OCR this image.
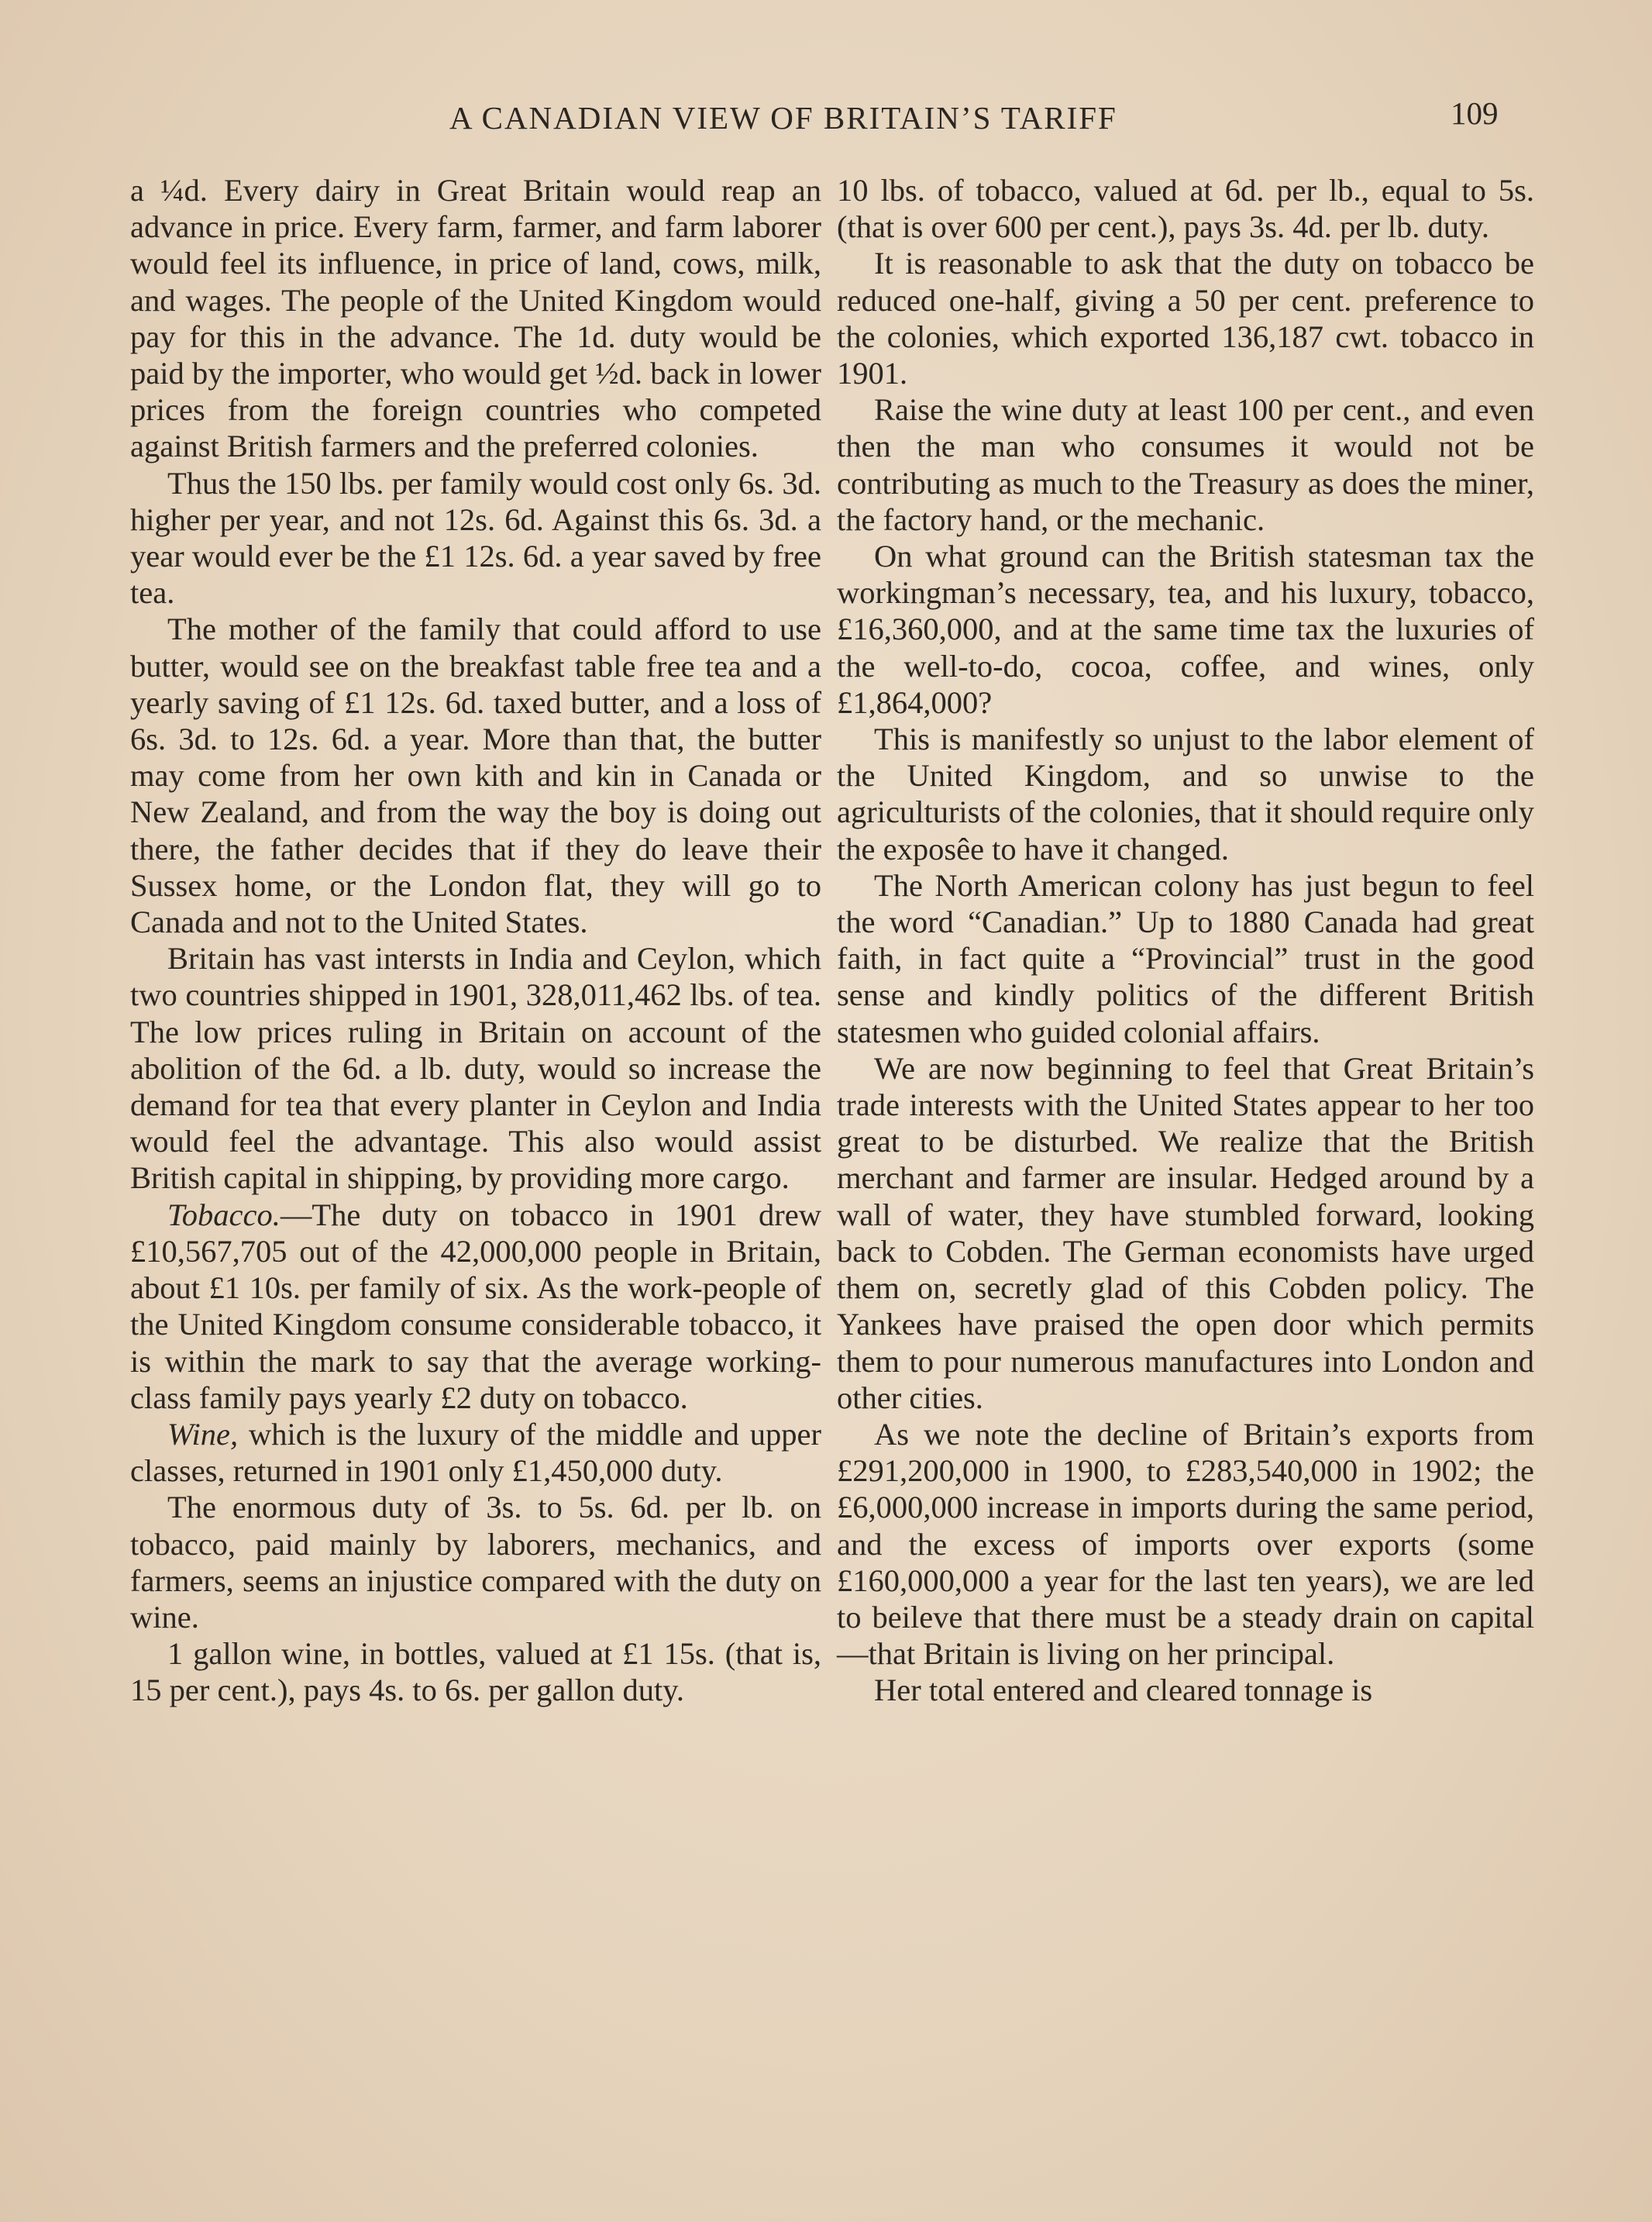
A CANADIAN VIEW OF BRITAIN’S TARIFF	109

a ¼d. Every dairy in Great Britain would reap an advance in price. Every farm, farmer, and farm laborer would feel its influence, in price of land, cows, milk, and wages. The people of the United Kingdom would pay for this in the advance. The 1d. duty would be paid by the importer, who would get ½d. back in lower prices from the foreign countries who competed against British farmers and the preferred colonies.

Thus the 150 lbs. per family would cost only 6s. 3d. higher per year, and not 12s. 6d. Against this 6s. 3d. a year would ever be the £1 12s. 6d. a year saved by free tea.

The mother of the family that could afford to use butter, would see on the breakfast table free tea and a yearly saving of £1 12s. 6d. taxed butter, and a loss of 6s. 3d. to 12s. 6d. a year. More than that, the butter may come from her own kith and kin in Canada or New Zealand, and from the way the boy is doing out there, the father decides that if they do leave their Sussex home, or the London flat, they will go to Canada and not to the United States.

Britain has vast intersts in India and Ceylon, which two countries shipped in 1901, 328,011,462 lbs. of tea. The low prices ruling in Britain on account of the abolition of the 6d. a lb. duty, would so increase the demand for tea that every planter in Ceylon and India would feel the advantage. This also would assist British capital in shipping, by providing more cargo.

Tobacco.—The duty on tobacco in 1901 drew £10,567,705 out of the 42,000,000 people in Britain, about £1 10s. per family of six. As the work-people of the United Kingdom consume considerable tobacco, it is within the mark to say that the average working-class family pays yearly £2 duty on tobacco.

Wine, which is the luxury of the middle and upper classes, returned in 1901 only £1,450,000 duty.

The enormous duty of 3s. to 5s. 6d. per lb. on tobacco, paid mainly by laborers, mechanics, and farmers, seems an injustice compared with the duty on wine.

1 gallon wine, in bottles, valued at £1 15s. (that is, 15 per cent.), pays 4s. to 6s. per gallon duty.

10 lbs. of tobacco, valued at 6d. per lb., equal to 5s. (that is over 600 per cent.), pays 3s. 4d. per lb. duty.

It is reasonable to ask that the duty on tobacco be reduced one-half, giving a 50 per cent. preference to the colonies, which exported 136,187 cwt. tobacco in 1901.

Raise the wine duty at least 100 per cent., and even then the man who consumes it would not be contributing as much to the Treasury as does the miner, the factory hand, or the mechanic.

On what ground can the British statesman tax the workingman’s necessary, tea, and his luxury, tobacco, £16,360,000, and at the same time tax the luxuries of the well-to-do, cocoa, coffee, and wines, only £1,864,000?

This is manifestly so unjust to the labor element of the United Kingdom, and so unwise to the agriculturists of the colonies, that it should require only the exposêe to have it changed.

The North American colony has just begun to feel the word “Canadian.” Up to 1880 Canada had great faith, in fact quite a “Provincial” trust in the good sense and kindly politics of the different British statesmen who guided colonial affairs.

We are now beginning to feel that Great Britain’s trade interests with the United States appear to her too great to be disturbed. We realize that the British merchant and farmer are insular. Hedged around by a wall of water, they have stumbled forward, looking back to Cobden. The German economists have urged them on, secretly glad of this Cobden policy. The Yankees have praised the open door which permits them to pour numerous manufactures into London and other cities.

As we note the decline of Britain’s exports from £291,200,000 in 1900, to £283,540,000 in 1902; the £6,000,000 increase in imports during the same period, and the excess of imports over exports (some £160,000,000 a year for the last ten years), we are led to beileve that there must be a steady drain on capital—that Britain is living on her principal.

Her total entered and cleared tonnage is
